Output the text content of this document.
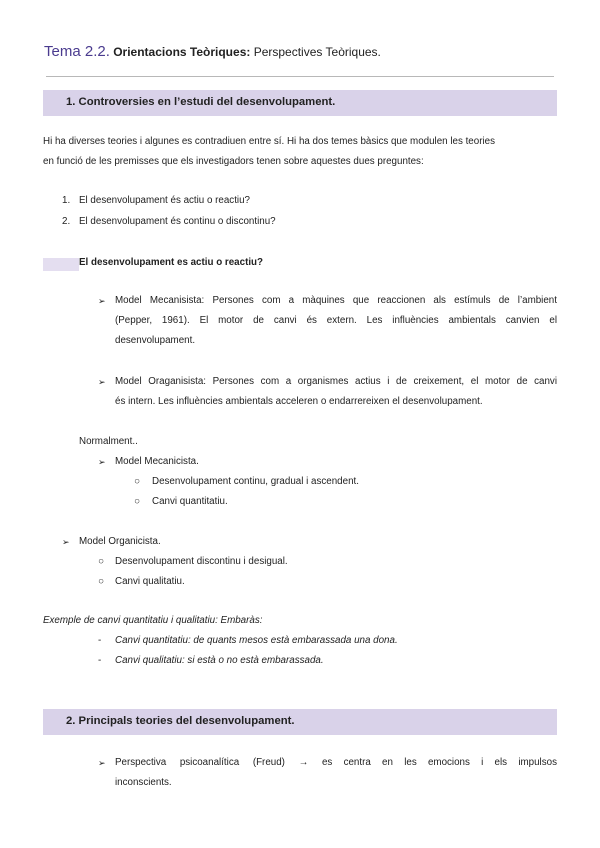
Tema 2.2. Orientacions Teòriques: Perspectives Teòriques.
1. Controversies en l’estudi del desenvolupament.
Hi ha diverses teories i algunes es contradiuen entre sí. Hi ha dos temes bàsics que modulen les teories
en funció de les premisses que els investigadors tenen sobre aquestes dues preguntes:
1. El desenvolupament és actiu o reactiu?
2. El desenvolupament és continu o discontinu?
El desenvolupament es actiu o reactiu?
➢ Model Mecanisista: Persones com a màquines que reaccionen als estímuls de l’ambient
(Pepper, 1961). El motor de canvi és extern. Les influències ambientals canvien el
desenvolupament.
➢ Model Oraganisista: Persones com a organismes actius i de creixement, el motor de canvi
és intern. Les influències ambientals acceleren o endarrereixen el desenvolupament.
Normalment..
➢ Model Mecanicista.
○ Desenvolupament continu, gradual i ascendent.
○ Canvi quantitatiu.
➢ Model Organicista.
○ Desenvolupament discontinu i desigual.
○ Canvi qualitatiu.
Exemple de canvi quantitatiu i qualitatiu: Embaràs:
- Canvi quantitatiu: de quants mesos està embarassada una dona.
- Canvi qualitatiu: si està o no està embarassada.
2. Principals teories del desenvolupament.
➢ Perspectiva psicoanalítica (Freud) → es centra en les emocions i els impulsos
inconscients.
